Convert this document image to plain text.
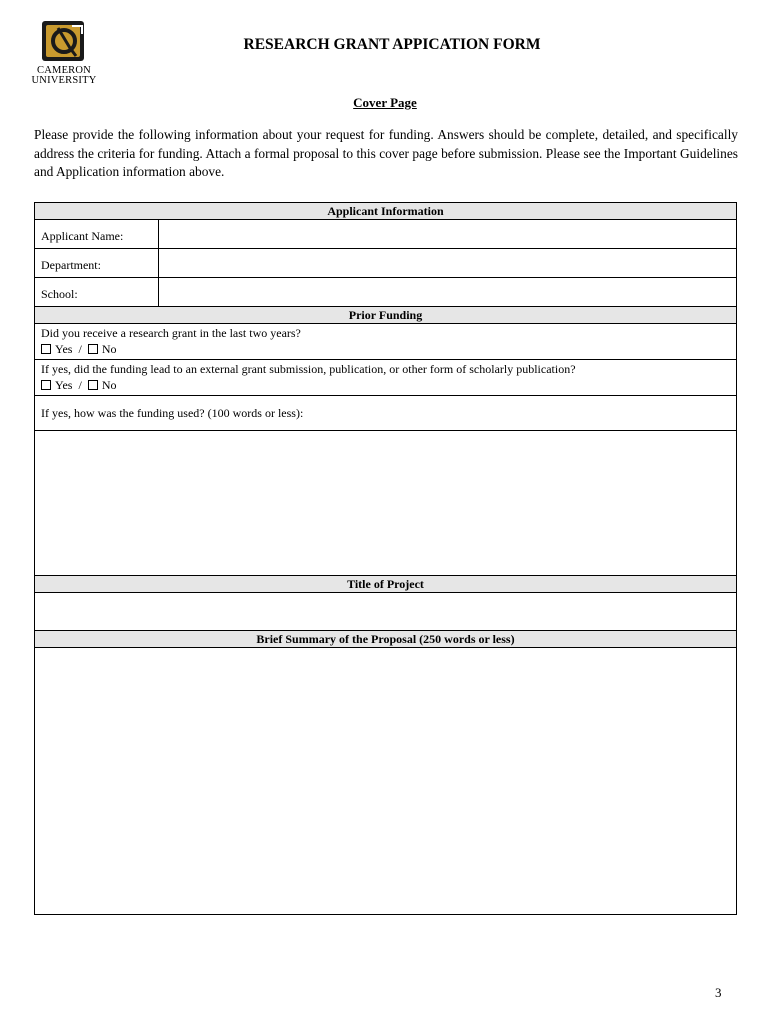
CAMERON
UNIVERSITY
RESEARCH GRANT APPICATION FORM
Cover Page
Please provide the following information about your request for funding. Answers should be complete, detailed, and specifically address the criteria for funding. Attach a formal proposal to this cover page before submission. Please see the Important Guidelines and Application information above.
Applicant Information
Applicant Name:
Department:
School:
Prior Funding
Did you receive a research grant in the last two years?
Yes / No
If yes, did the funding lead to an external grant submission, publication, or other form of scholarly publication?
Yes / No
If yes, how was the funding used? (100 words or less):
Title of Project
Brief Summary of the Proposal (250 words or less)
3
